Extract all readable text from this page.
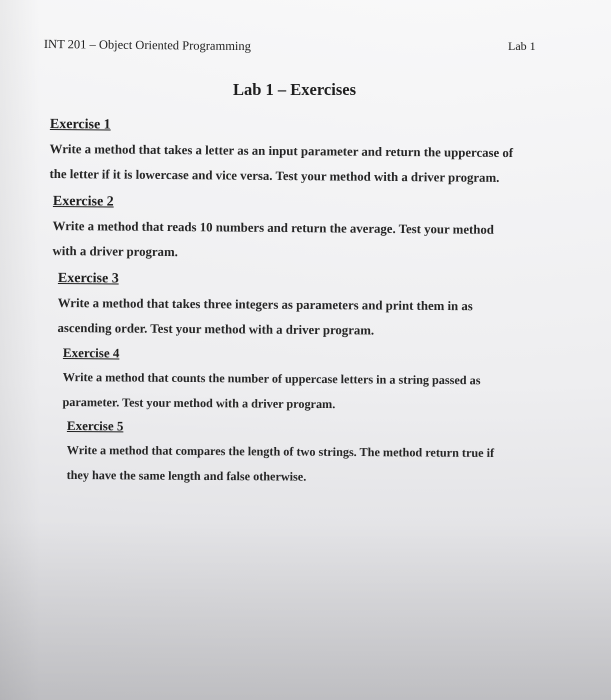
INT 201 – Object Oriented Programming	Lab 1
Lab 1 – Exercises
Exercise 1
Write a method that takes a letter as an input parameter and return the uppercase of the letter if it is lowercase and vice versa. Test your method with a driver program.
Exercise 2
Write a method that reads 10 numbers and return the average. Test your method with a driver program.
Exercise 3
Write a method that takes three integers as parameters and print them in as ascending order. Test your method with a driver program.
Exercise 4
Write a method that counts the number of uppercase letters in a string passed as parameter. Test your method with a driver program.
Exercise 5
Write a method that compares the length of two strings. The method return true if they have the same length and false otherwise.
